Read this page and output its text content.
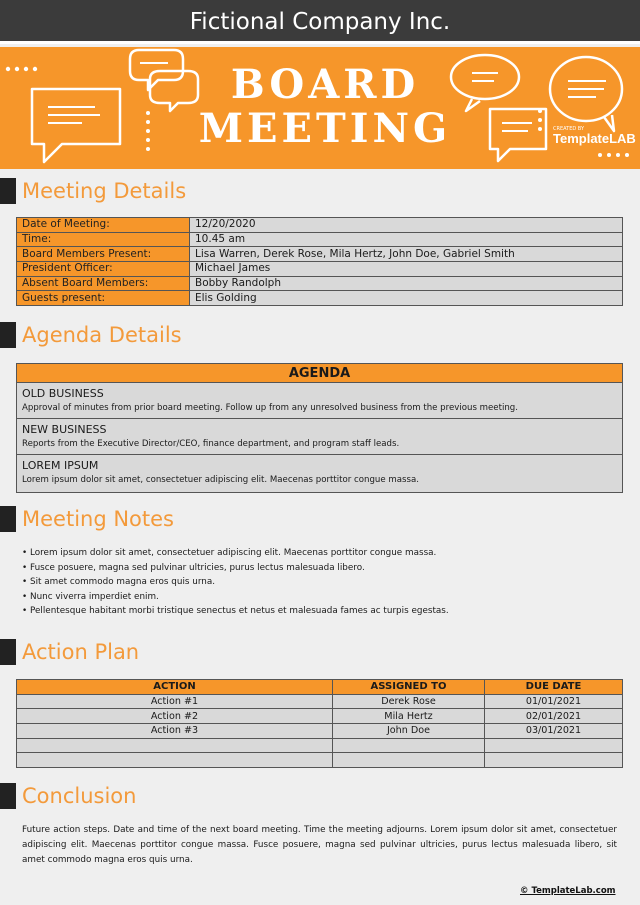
Fictional Company Inc.
BOARD
MEETING	CREATED BY
TemplateLAB
Meeting Details
Date of Meeting:	12/20/2020
Time:	10.45 am
Board Members Present:	Lisa Warren, Derek Rose, Mila Hertz, John Doe, Gabriel Smith
President Officer:	Michael James
Absent Board Members:	Bobby Randolph
Guests present:	Elis Golding
Agenda Details
AGENDA
OLD BUSINESS
Approval of minutes from prior board meeting. Follow up from any unresolved business from the previous meeting.
NEW BUSINESS
Reports from the Executive Director/CEO, finance department, and program staff leads.
LOREM IPSUM
Lorem ipsum dolor sit amet, consectetuer adipiscing elit. Maecenas porttitor congue massa.
Meeting Notes
• Lorem ipsum dolor sit amet, consectetuer adipiscing elit. Maecenas porttitor congue massa.
• Fusce posuere, magna sed pulvinar ultricies, purus lectus malesuada libero.
• Sit amet commodo magna eros quis urna.
• Nunc viverra imperdiet enim.
• Pellentesque habitant morbi tristique senectus et netus et malesuada fames ac turpis egestas.
Action Plan
ACTION	ASSIGNED TO	DUE DATE
Action #1	Derek Rose	01/01/2021
Action #2	Mila Hertz	02/01/2021
Action #3	John Doe	03/01/2021

Conclusion
Future action steps. Date and time of the next board meeting. Time the meeting adjourns. Lorem ipsum dolor sit amet, consectetuer adipiscing elit. Maecenas porttitor congue massa. Fusce posuere, magna sed pulvinar ultricies, purus lectus malesuada libero, sit amet commodo magna eros quis urna.
© TemplateLab.com
